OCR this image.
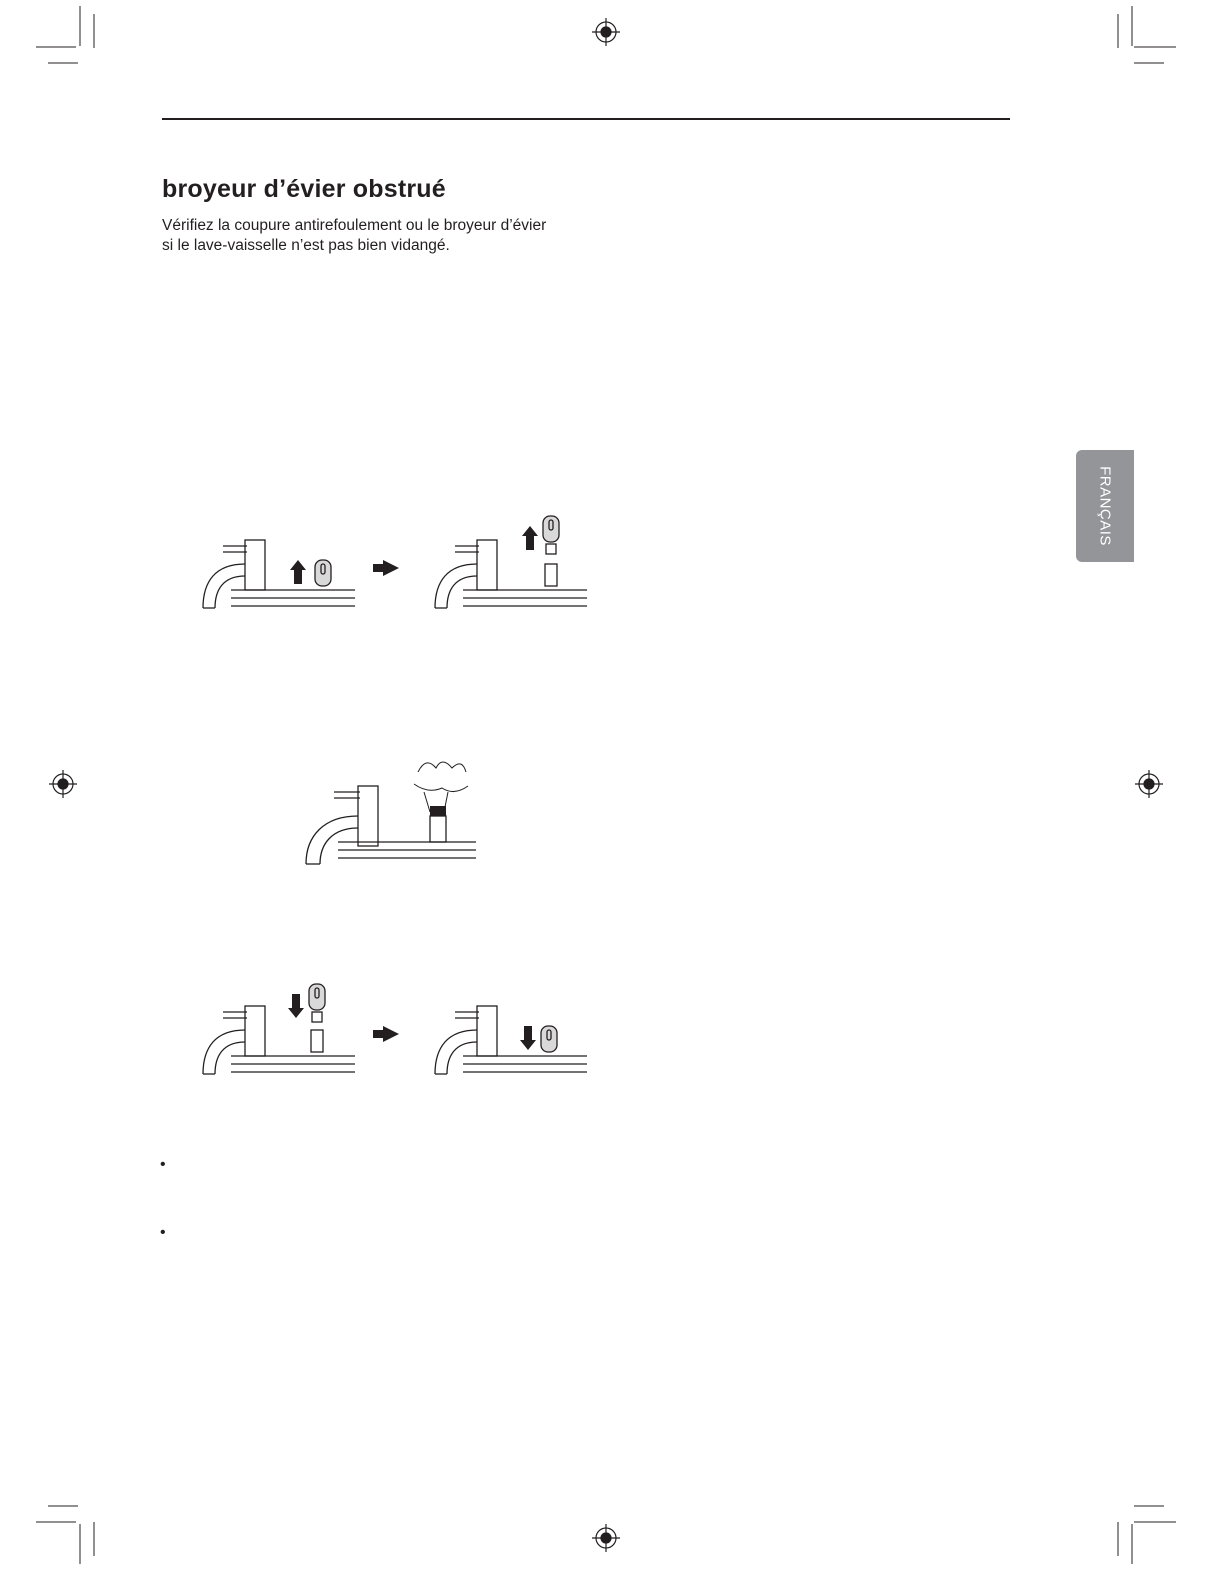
broyeur d’évier obstrué
Vérifiez la coupure antirefoulement ou le broyeur d’évier
si le lave-vaisselle n’est pas bien vidangé.
FRANÇAIS
•
•
